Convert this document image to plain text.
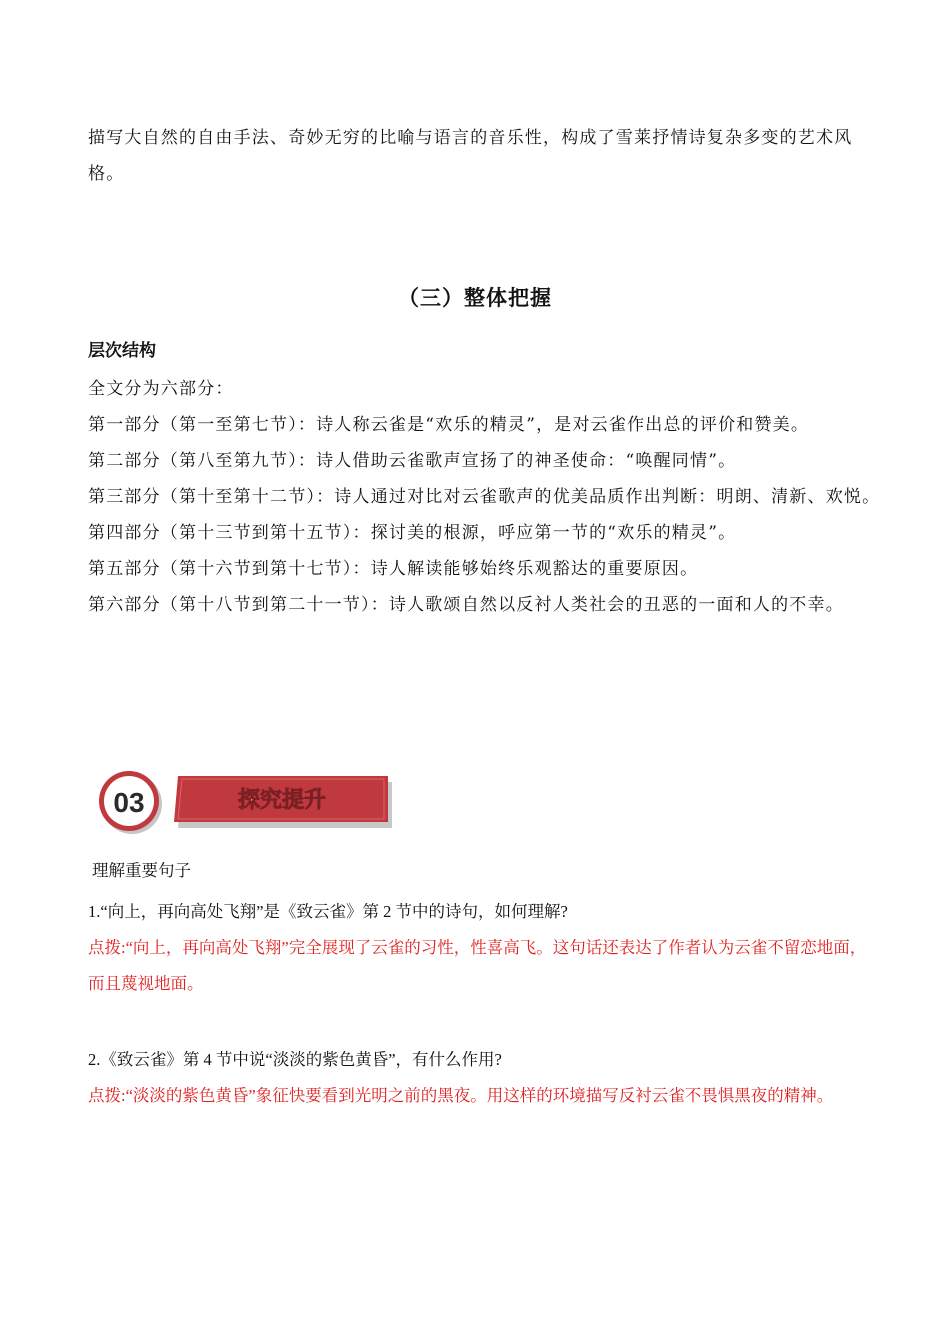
描写大自然的自由手法、奇妙无穷的比喻与语言的音乐性，构成了雪莱抒情诗复杂多变的艺术风格。
（三）整体把握
层次结构

全文分为六部分：

第一部分（第一至第七节）：诗人称云雀是“欢乐的精灵”，是对云雀作出总的评价和赞美。

第二部分（第八至第九节）：诗人借助云雀歌声宣扬了的神圣使命：“唤醒同情”。

第三部分（第十至第十二节）：诗人通过对比对云雀歌声的优美品质作出判断：明朗、清新、欢悦。

第四部分（第十三节到第十五节）：探讨美的根源，呼应第一节的“欢乐的精灵”。

第五部分（第十六节到第十七节）：诗人解读能够始终乐观豁达的重要原因。

第六部分（第十八节到第二十一节）：诗人歌颂自然以反衬人类社会的丑恶的一面和人的不幸。

03	探究提升
理解重要句子

1.“向上，再向高处飞翔”是《致云雀》第 2 节中的诗句，如何理解?

点拨:“向上，再向高处飞翔”完全展现了云雀的习性，性喜高飞。这句话还表达了作者认为云雀不留恋地面，而且蔑视地面。

2.《致云雀》第 4 节中说“淡淡的紫色黄昏”，有什么作用?

点拨:“淡淡的紫色黄昏”象征快要看到光明之前的黑夜。用这样的环境描写反衬云雀不畏惧黑夜的精神。
